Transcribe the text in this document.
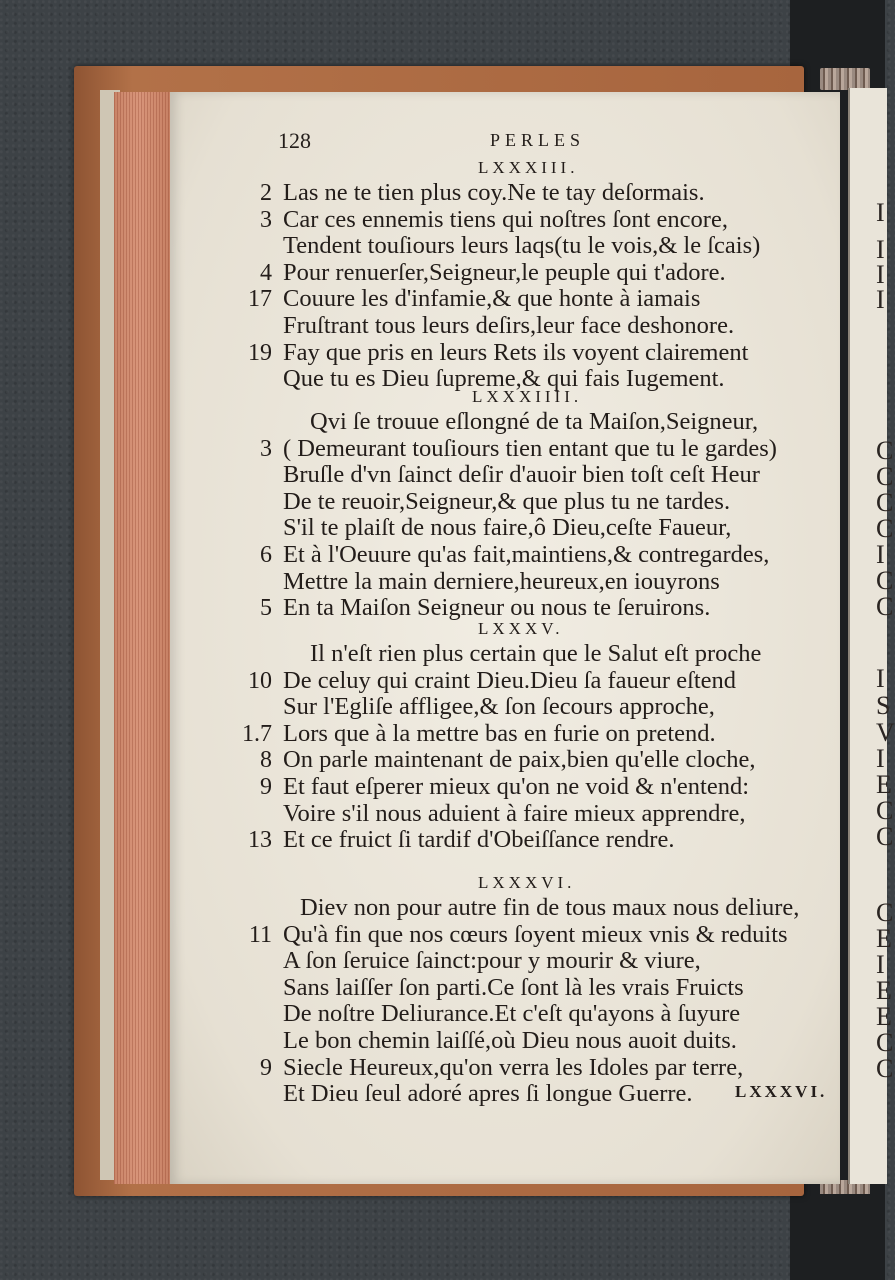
I
I
I
I
C
C
C
C
I
C
C
I
S
V
I
E
C
C
C
E
I
E
E
C
C
128	PERLES
LXXXIII.
2 Las ne te tien plus coy.Ne te tay deſormais.
3 Car ces ennemis tiens qui noſtres ſont encore,
Tendent touſiours leurs laqs(tu le vois,& le ſcais)
4 Pour renuerſer,Seigneur,le peuple qui t'adore.
17 Couure les d'infamie,& que honte à iamais
Fruſtrant tous leurs deſirs,leur face deshonore.
19 Fay que pris en leurs Rets ils voyent clairement
Que tu es Dieu ſupreme,& qui fais Iugement.
LXXXIIII.
Qvi ſe trouue eſlongné de ta Maiſon,Seigneur,
3 ( Demeurant touſiours tien entant que tu le gardes)
Bruſle d'vn ſainct deſir d'auoir bien toſt ceſt Heur
De te reuoir,Seigneur,& que plus tu ne tardes.
S'il te plaiſt de nous faire,ô Dieu,ceſte Faueur,
6 Et à l'Oeuure qu'as fait,maintiens,& contregardes,
Mettre la main derniere,heureux,en iouyrons
5 En ta Maiſon Seigneur ou nous te ſeruirons.
LXXXV.
Il n'eſt rien plus certain que le Salut eſt proche
10 De celuy qui craint Dieu.Dieu ſa faueur eſtend
Sur l'Egliſe affligee,& ſon ſecours approche,
1.7 Lors que à la mettre bas en furie on pretend.
8 On parle maintenant de paix,bien qu'elle cloche,
9 Et faut eſperer mieux qu'on ne void & n'entend:
Voire s'il nous aduient à faire mieux apprendre,
13 Et ce fruict ſi tardif d'Obeiſſance rendre.
LXXXVI.
Diev non pour autre fin de tous maux nous deliure,
11 Qu'à fin que nos cœurs ſoyent mieux vnis & reduits
A ſon ſeruice ſainct:pour y mourir & viure,
Sans laiſſer ſon parti.Ce ſont là les vrais Fruicts
De noſtre Deliurance.Et c'eſt qu'ayons à ſuyure
Le bon chemin laiſſé,où Dieu nous auoit duits.
9 Siecle Heureux,qu'on verra les Idoles par terre,
Et Dieu ſeul adoré apres ſi longue Guerre. LXXXVI.
